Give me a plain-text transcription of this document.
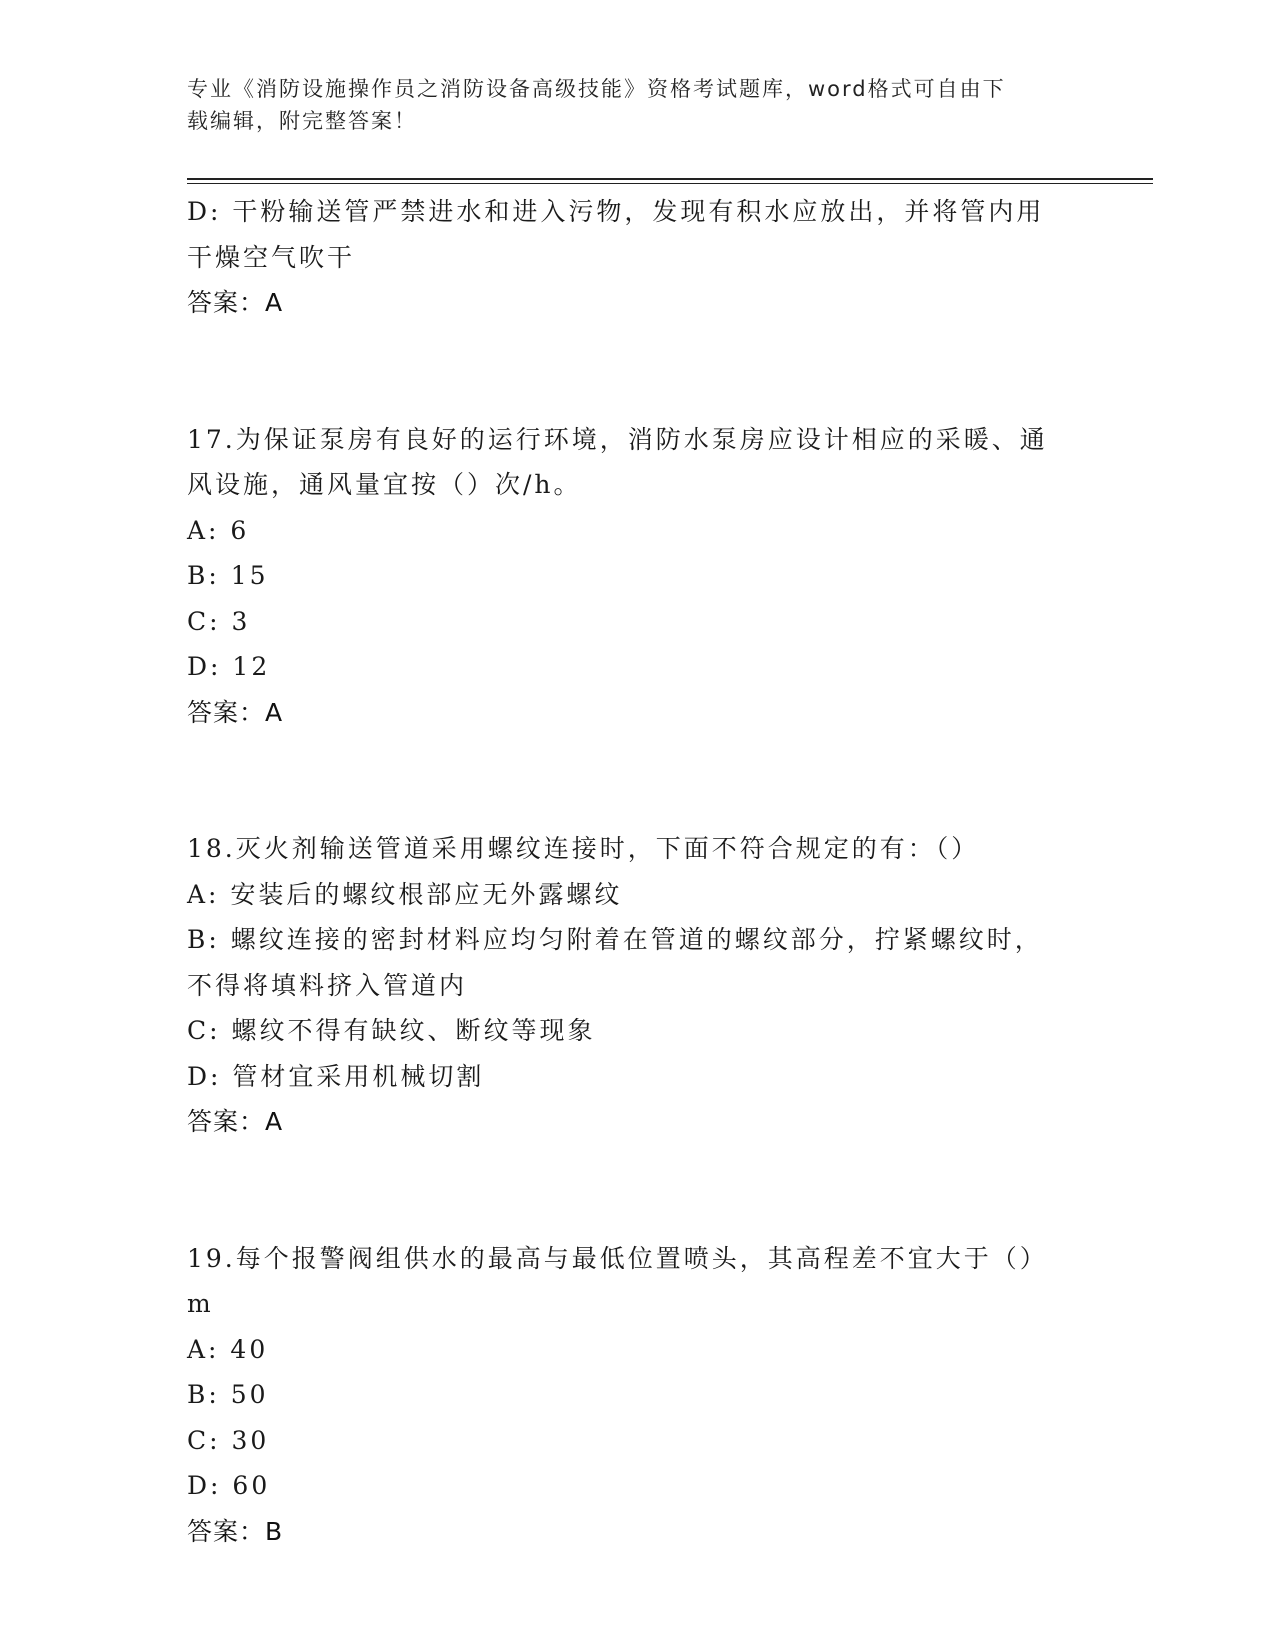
专业《消防设施操作员之消防设备高级技能》资格考试题库，word格式可自由下
载编辑，附完整答案！
D: 干粉输送管严禁进水和进入污物，发现有积水应放出，并将管内用
干燥空气吹干
答案：A
17.为保证泵房有良好的运行环境，消防水泵房应设计相应的采暖、通
风设施，通风量宜按（）次/h。
A: 6
B: 15
C: 3
D: 12
答案：A
18.灭火剂输送管道采用螺纹连接时，下面不符合规定的有：（）
A: 安装后的螺纹根部应无外露螺纹
B: 螺纹连接的密封材料应均匀附着在管道的螺纹部分，拧紧螺纹时，
不得将填料挤入管道内
C: 螺纹不得有缺纹、断纹等现象
D: 管材宜采用机械切割
答案：A
19.每个报警阀组供水的最高与最低位置喷头，其高程差不宜大于（）
m
A: 40
B: 50
C: 30
D: 60
答案：B
